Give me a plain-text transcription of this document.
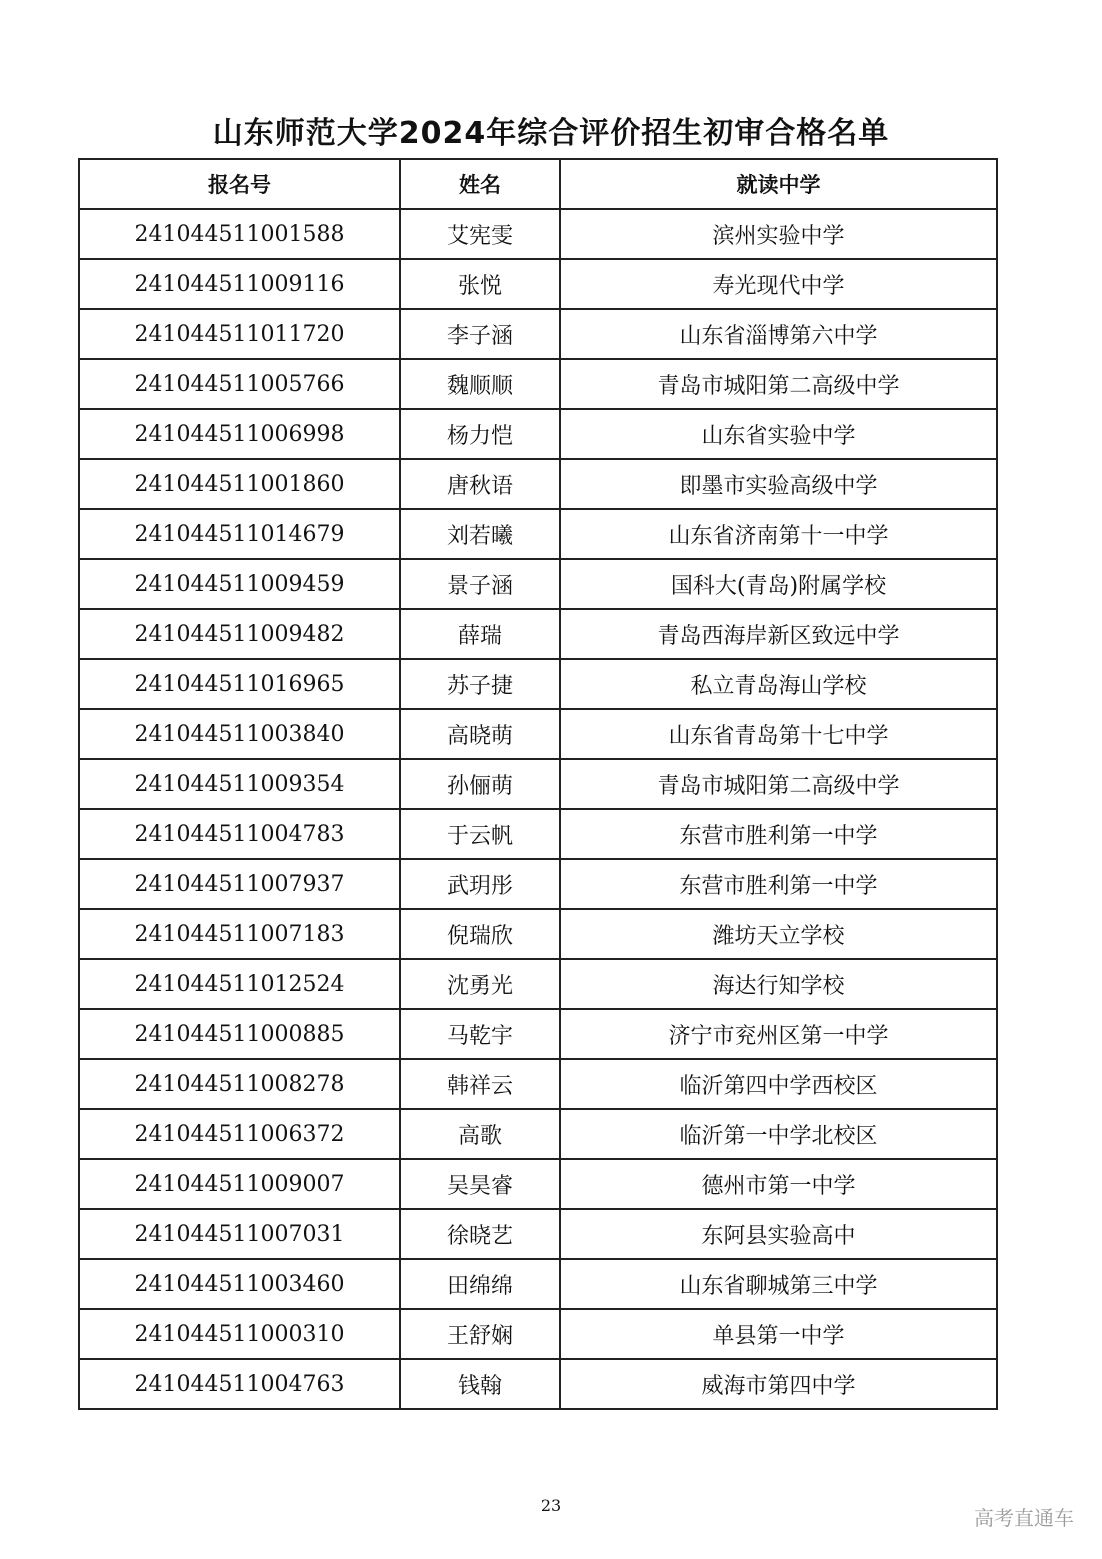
山东师范大学2024年综合评价招生初审合格名单
报名号	姓名	就读中学
241044511001588	艾宪雯	滨州实验中学
241044511009116	张悦	寿光现代中学
241044511011720	李子涵	山东省淄博第六中学
241044511005766	魏顺顺	青岛市城阳第二高级中学
241044511006998	杨力恺	山东省实验中学
241044511001860	唐秋语	即墨市实验高级中学
241044511014679	刘若曦	山东省济南第十一中学
241044511009459	景子涵	国科大(青岛)附属学校
241044511009482	薛瑞	青岛西海岸新区致远中学
241044511016965	苏子捷	私立青岛海山学校
241044511003840	高晓萌	山东省青岛第十七中学
241044511009354	孙俪萌	青岛市城阳第二高级中学
241044511004783	于云帆	东营市胜利第一中学
241044511007937	武玥彤	东营市胜利第一中学
241044511007183	倪瑞欣	潍坊天立学校
241044511012524	沈勇光	海达行知学校
241044511000885	马乾宇	济宁市兖州区第一中学
241044511008278	韩祥云	临沂第四中学西校区
241044511006372	高歌	临沂第一中学北校区
241044511009007	吴昊睿	德州市第一中学
241044511007031	徐晓艺	东阿县实验高中
241044511003460	田绵绵	山东省聊城第三中学
241044511000310	王舒娴	单县第一中学
241044511004763	钱翰	威海市第四中学
23
高考直通车
